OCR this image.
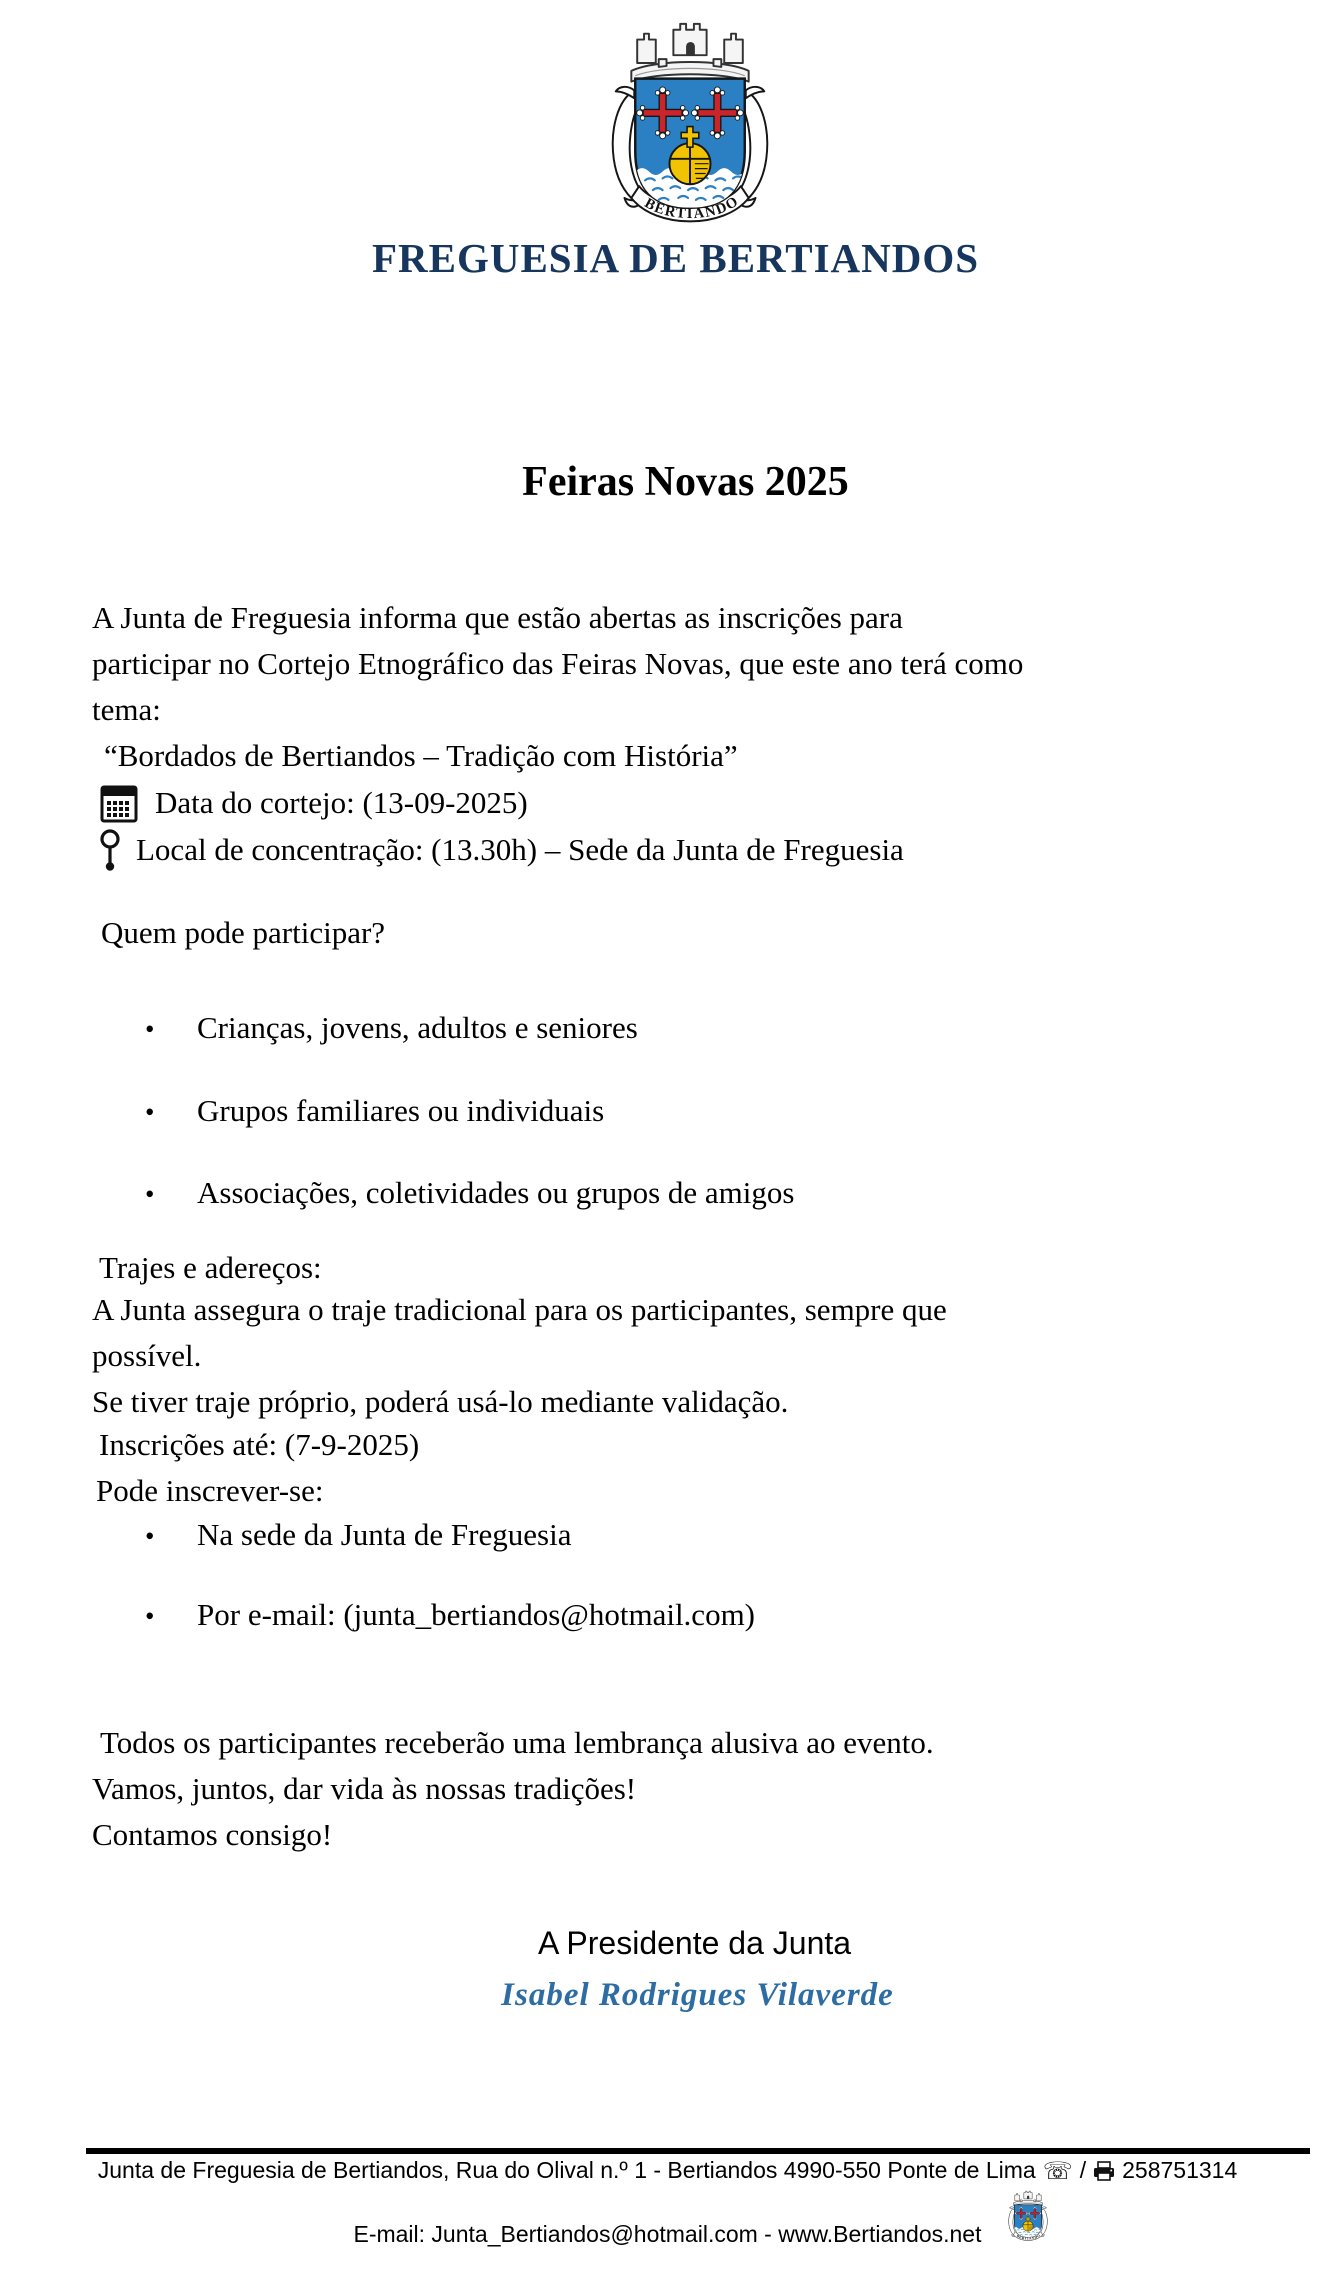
FREGUESIA DE BERTIANDOS
Feiras Novas 2025
A Junta de Freguesia informa que estão abertas as inscrições para
participar no Cortejo Etnográfico das Feiras Novas, que este ano terá como
tema:
“Bordados de Bertiandos – Tradição com História”
Data do cortejo: (13-09-2025)
Local de concentração: (13.30h) – Sede da Junta de Freguesia
Quem pode participar?
• Crianças, jovens, adultos e seniores
• Grupos familiares ou individuais
• Associações, coletividades ou grupos de amigos
Trajes e adereços:
A Junta assegura o traje tradicional para os participantes, sempre que
possível.
Se tiver traje próprio, poderá usá-lo mediante validação.
Inscrições até: (7-9-2025)
Pode inscrever-se:
• Na sede da Junta de Freguesia
• Por e-mail: (junta_bertiandos@hotmail.com)
Todos os participantes receberão uma lembrança alusiva ao evento.
Vamos, juntos, dar vida às nossas tradições!
Contamos consigo!
A Presidente da Junta
Isabel Rodrigues Vilaverde
Junta de Freguesia de Bertiandos, Rua do Olival n.º 1 - Bertiandos 4990-550 Ponte de Lima ☏ / 258751314
E-mail: Junta_Bertiandos@hotmail.com - www.Bertiandos.net
